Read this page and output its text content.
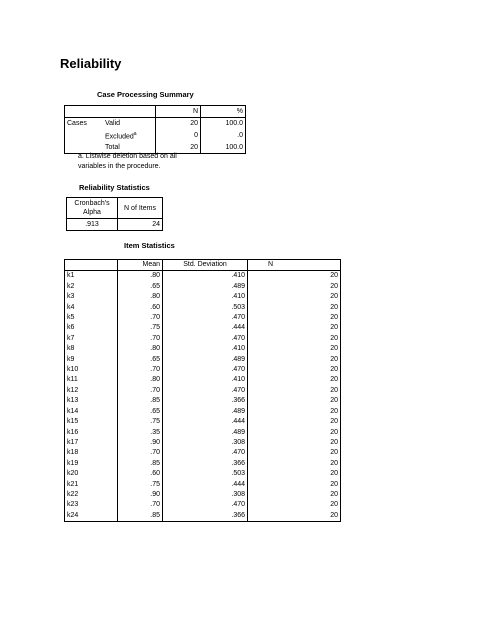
Reliability
Case Processing Summary
		N	%
Cases	Valid	20	100.0
	Excluded$^a$	0	.0
	Total	20	100.0
a. Listwise deletion based on all variables in the procedure.
Reliability Statistics
Cronbach's
Alpha	N of Items
.913	24
Item Statistics
	Mean	Std. Deviation	N
k1	.80	.410	20
k2	.65	.489	20
k3	.80	.410	20
k4	.60	.503	20
k5	.70	.470	20
k6	.75	.444	20
k7	.70	.470	20
k8	.80	.410	20
k9	.65	.489	20
k10	.70	.470	20
k11	.80	.410	20
k12	.70	.470	20
k13	.85	.366	20
k14	.65	.489	20
k15	.75	.444	20
k16	.35	.489	20
k17	.90	.308	20
k18	.70	.470	20
k19	.85	.366	20
k20	.60	.503	20
k21	.75	.444	20
k22	.90	.308	20
k23	.70	.470	20
k24	.85	.366	20
